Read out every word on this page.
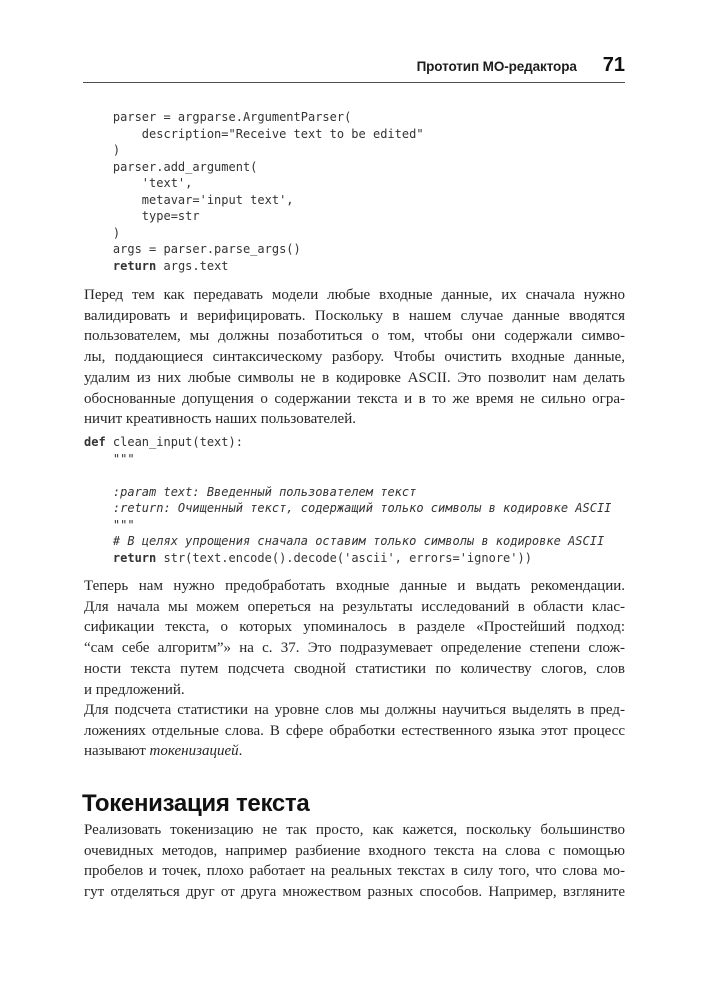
Прототип МО-редактора 71
parser = argparse.ArgumentParser(
description="Receive text to be edited"
)
parser.add_argument(
'text',
metavar='input text',
type=str
)
args = parser.parse_args()
return args.text
Перед тем как передавать модели любые входные данные, их сначала нужно
валидировать и верифицировать. Поскольку в нашем случае данные вводятся
пользователем, мы должны позаботиться о том, чтобы они содержали симво-
лы, поддающиеся синтаксическому разбору. Чтобы очистить входные данные,
удалим из них любые символы не в кодировке ASCII. Это позволит нам делать
обоснованные допущения о содержании текста и в то же время не сильно огра-
ничит креативность наших пользователей.
def clean_input(text):
"""

:param text: Введенный пользователем текст
:return: Очищенный текст, содержащий только символы в кодировке ASCII
"""
# В целях упрощения сначала оставим только символы в кодировке ASCII
return str(text.encode().decode('ascii', errors='ignore'))
Теперь нам нужно предобработать входные данные и выдать рекомендации.
Для начала мы можем опереться на результаты исследований в области клас-
сификации текста, о которых упоминалось в разделе «Простейший подход:
“сам себе алгоритм”» на с. 37. Это подразумевает определение степени слож-
ности текста путем подсчета сводной статистики по количеству слогов, слов
и предложений.
Для подсчета статистики на уровне слов мы должны научиться выделять в пред-
ложениях отдельные слова. В сфере обработки естественного языка этот процесс
называют токенизацией.
Токенизация текста
Реализовать токенизацию не так просто, как кажется, поскольку большинство
очевидных методов, например разбиение входного текста на слова с помощью
пробелов и точек, плохо работает на реальных текстах в силу того, что слова мо-
гут отделяться друг от друга множеством разных способов. Например, взгляните
